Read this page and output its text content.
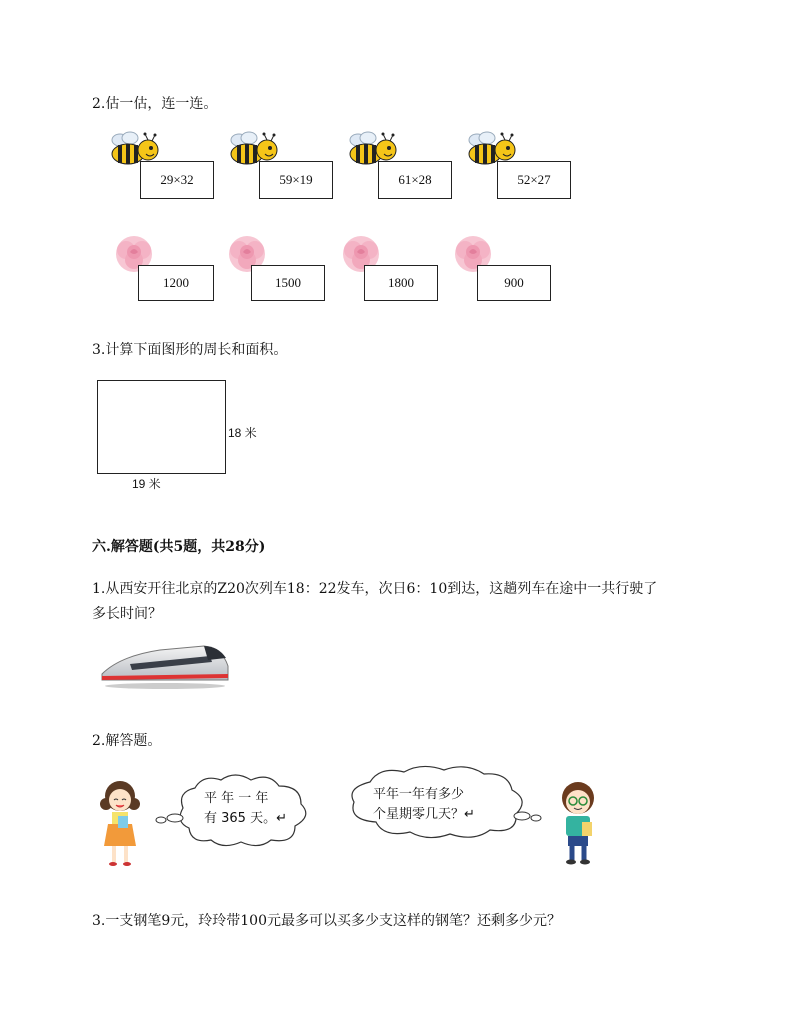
2.估一估，连一连。
29×32	59×19	61×28	52×27
1200	1500	1800	900
3.计算下面图形的周长和面积。
18 米
19 米
六.解答题(共5题，共28分)
1.从西安开往北京的Z20次列车18：22发车，次日6：10到达，这趟列车在途中一共行驶了
多长时间？
2.解答题。
平 年 一 年
有 365 天。↵
平年一年有多少
个星期零几天？↵
3.一支钢笔9元，玲玲带100元最多可以买多少支这样的钢笔？还剩多少元？
